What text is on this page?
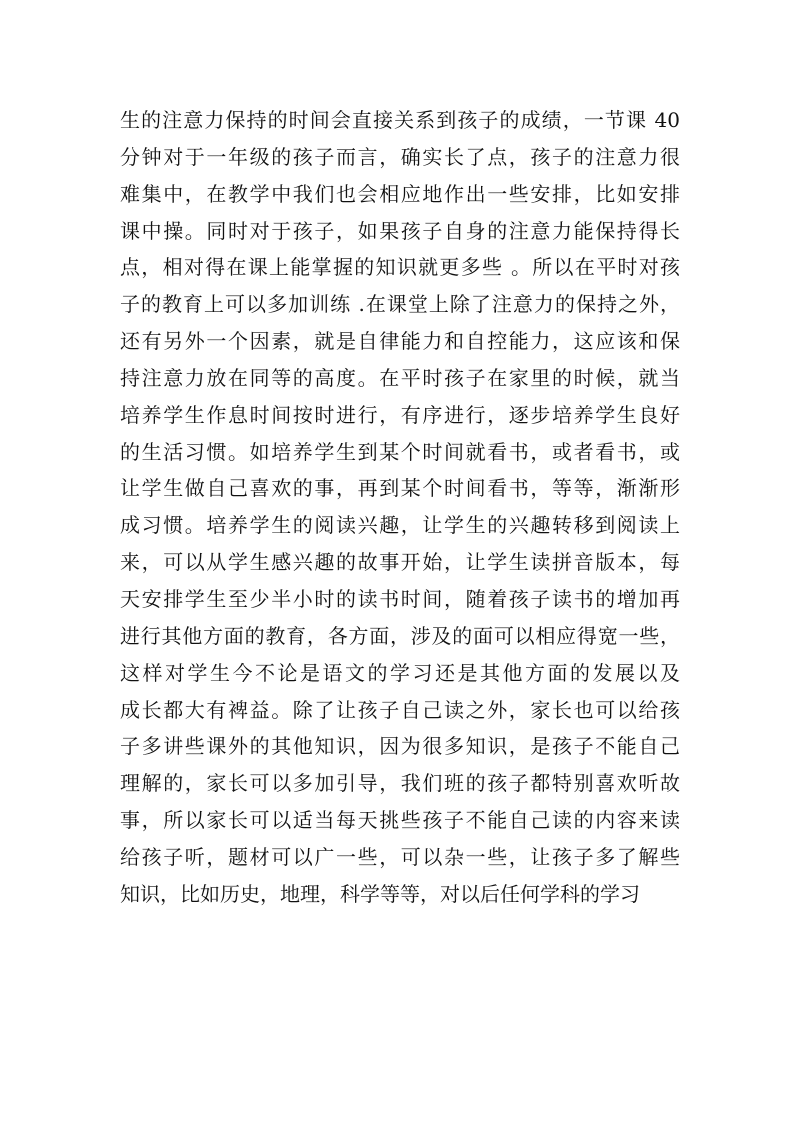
生的注意力保持的时间会直接关系到孩子的成绩，一节课 40
分钟对于一年级的孩子而言，确实长了点，孩子的注意力很
难集中，在教学中我们也会相应地作出一些安排，比如安排
课中操。同时对于孩子，如果孩子自身的注意力能保持得长
点，相对得在课上能掌握的知识就更多些 。所以在平时对孩
子的教育上可以多加训练 .在课堂上除了注意力的保持之外，
还有另外一个因素，就是自律能力和自控能力，这应该和保
持注意力放在同等的高度。在平时孩子在家里的时候，就当
培养学生作息时间按时进行，有序进行，逐步培养学生良好
的生活习惯。如培养学生到某个时间就看书，或者看书，或
让学生做自己喜欢的事，再到某个时间看书，等等，渐渐形
成习惯。培养学生的阅读兴趣，让学生的兴趣转移到阅读上
来，可以从学生感兴趣的故事开始，让学生读拼音版本，每
天安排学生至少半小时的读书时间，随着孩子读书的增加再
进行其他方面的教育，各方面，涉及的面可以相应得宽一些，
这样对学生今不论是语文的学习还是其他方面的发展以及
成长都大有裨益。除了让孩子自己读之外，家长也可以给孩
子多讲些课外的其他知识，因为很多知识，是孩子不能自己
理解的，家长可以多加引导，我们班的孩子都特别喜欢听故
事，所以家长可以适当每天挑些孩子不能自己读的内容来读
给孩子听，题材可以广一些，可以杂一些，让孩子多了解些
知识，比如历史，地理，科学等等，对以后任何学科的学习
